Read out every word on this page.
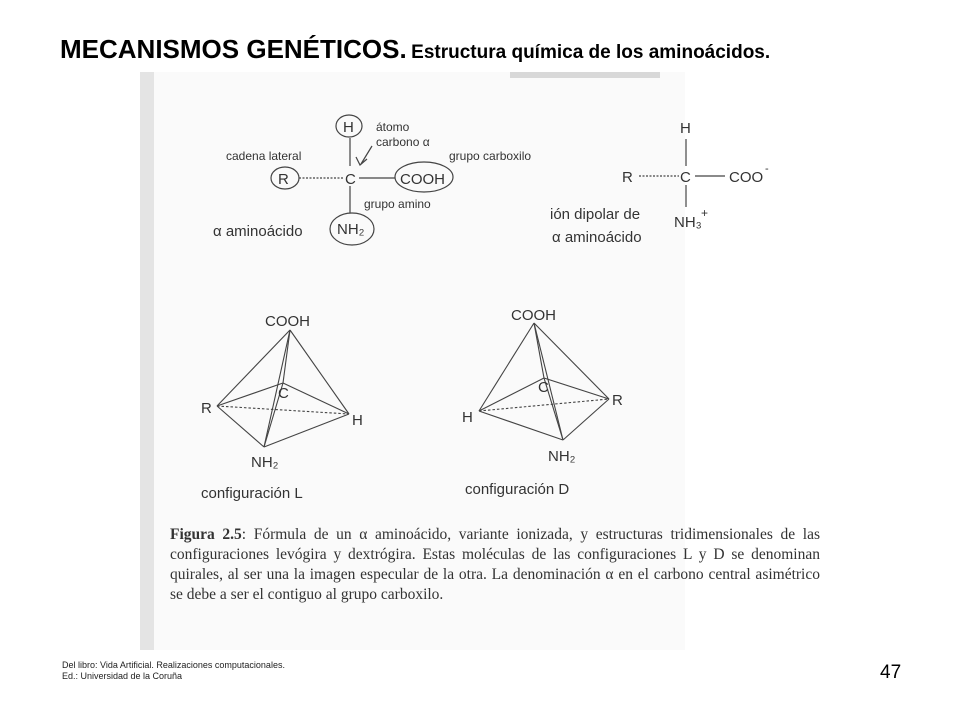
MECANISMOS GENÉTICOS. Estructura química de los aminoácidos.
H átomo
carbono α
cadena lateral	grupo carboxilo
R	C	COOH
grupo amino
NH₂
α aminoácido
H
R	C	COO -
NH₃
+
ión dipolar de
α aminoácido
COOH
C
R
H
NH₂
configuración L
COOH
C
H
R
NH₂
configuración D
Figura 2.5: Fórmula de un α aminoácido, variante ionizada, y estructuras tridimensionales de las configuraciones levógira y dextrógira. Estas moléculas de las configuraciones L y D se denominan quirales, al ser una la imagen especular de la otra. La denominación α en el carbono central asimétrico se debe a ser el contiguo al grupo carboxilo.
Del libro: Vida Artificial. Realizaciones computacionales.
Ed.: Universidad de la Coruña	47
